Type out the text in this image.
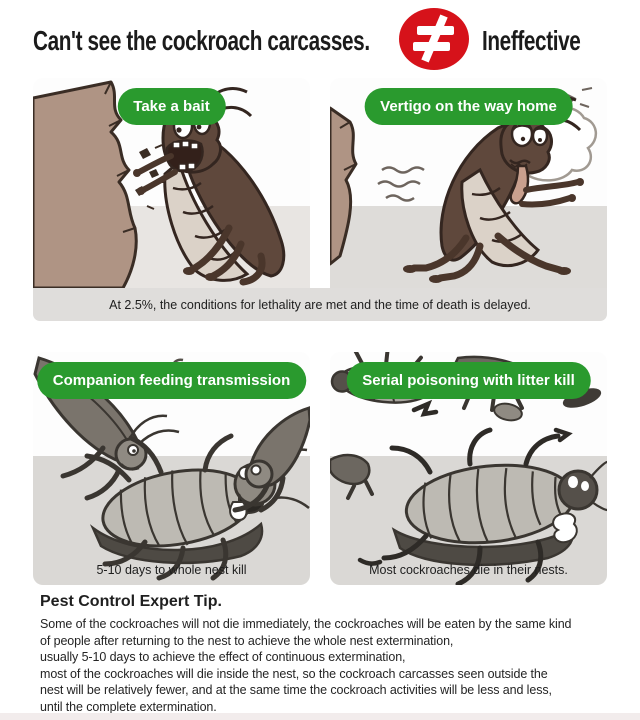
Can't see the cockroach carcasses.	Ineffective
Take a bait	Vertigo on the way home
At 2.5%, the conditions for lethality are met and the time of death is delayed.
Companion feeding transmission
5-10 days to whole nest kill
Serial poisoning with litter kill
Most cockroaches die in their nests.
Pest Control Expert Tip.
Some of the cockroaches will not die immediately, the cockroaches will be eaten by the same kind
of people after returning to the nest to achieve the whole nest extermination,
usually 5-10 days to achieve the effect of continuous extermination,
most of the cockroaches will die inside the nest, so the cockroach carcasses seen outside the
nest will be relatively fewer, and at the same time the cockroach activities will be less and less,
until the complete extermination.
